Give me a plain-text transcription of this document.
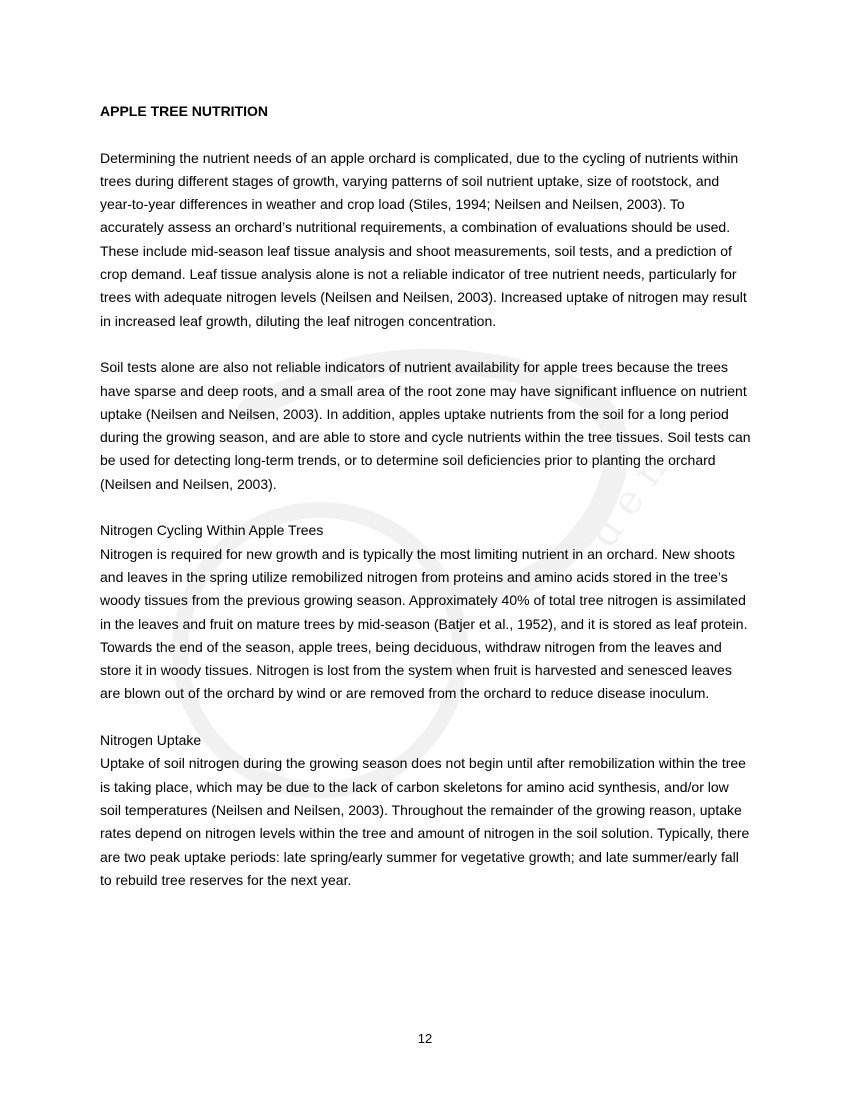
d e n

APPLE TREE NUTRITION

Determining the nutrient needs of an apple orchard is complicated, due to the cycling of nutrients within trees during different stages of growth, varying patterns of soil nutrient uptake, size of rootstock, and year-to-year differences in weather and crop load (Stiles, 1994; Neilsen and Neilsen, 2003). To accurately assess an orchard’s nutritional requirements, a combination of evaluations should be used. These include mid-season leaf tissue analysis and shoot measurements, soil tests, and a prediction of crop demand. Leaf tissue analysis alone is not a reliable indicator of tree nutrient needs, particularly for trees with adequate nitrogen levels (Neilsen and Neilsen, 2003). Increased uptake of nitrogen may result in increased leaf growth, diluting the leaf nitrogen concentration.

Soil tests alone are also not reliable indicators of nutrient availability for apple trees because the trees have sparse and deep roots, and a small area of the root zone may have significant influence on nutrient uptake (Neilsen and Neilsen, 2003). In addition, apples uptake nutrients from the soil for a long period during the growing season, and are able to store and cycle nutrients within the tree tissues. Soil tests can be used for detecting long-term trends, or to determine soil deficiencies prior to planting the orchard (Neilsen and Neilsen, 2003).

Nitrogen Cycling Within Apple Trees

Nitrogen is required for new growth and is typically the most limiting nutrient in an orchard. New shoots and leaves in the spring utilize remobilized nitrogen from proteins and amino acids stored in the tree’s woody tissues from the previous growing season. Approximately 40% of total tree nitrogen is assimilated in the leaves and fruit on mature trees by mid-season (Batjer et al., 1952), and it is stored as leaf protein. Towards the end of the season, apple trees, being deciduous, withdraw nitrogen from the leaves and store it in woody tissues. Nitrogen is lost from the system when fruit is harvested and senesced leaves are blown out of the orchard by wind or are removed from the orchard to reduce disease inoculum.

Nitrogen Uptake

Uptake of soil nitrogen during the growing season does not begin until after remobilization within the tree is taking place, which may be due to the lack of carbon skeletons for amino acid synthesis, and/or low soil temperatures (Neilsen and Neilsen, 2003). Throughout the remainder of the growing reason, uptake rates depend on nitrogen levels within the tree and amount of nitrogen in the soil solution. Typically, there are two peak uptake periods: late spring/early summer for vegetative growth; and late summer/early fall to rebuild tree reserves for the next year.

12
